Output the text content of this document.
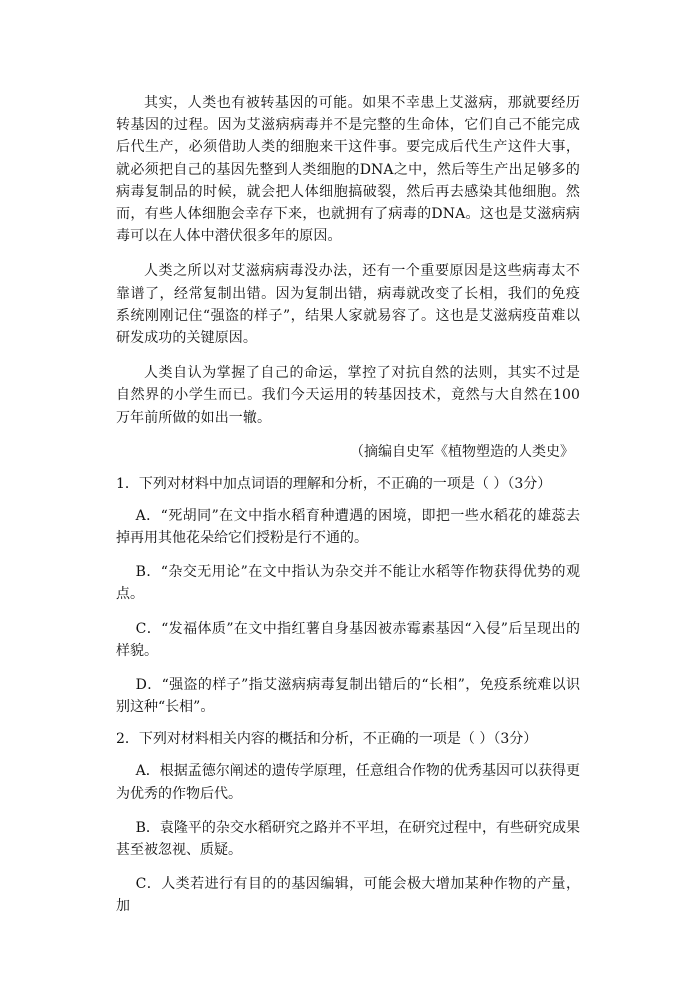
其实，人类也有被转基因的可能。如果不幸患上艾滋病，那就要经历转基因的过程。因为艾滋病病毒并不是完整的生命体，它们自己不能完成后代生产，必须借助人类的细胞来干这件事。要完成后代生产这件大事，就必须把自己的基因先整到人类细胞的DNA之中，然后等生产出足够多的病毒复制品的时候，就会把人体细胞搞破裂，然后再去感染其他细胞。然而，有些人体细胞会幸存下来，也就拥有了病毒的DNA。这也是艾滋病病毒可以在人体中潜伏很多年的原因。

人类之所以对艾滋病病毒没办法，还有一个重要原因是这些病毒太不靠谱了，经常复制出错。因为复制出错，病毒就改变了长相，我们的免疫系统刚刚记住“强盗的样子”，结果人家就易容了。这也是艾滋病疫苗难以研发成功的关键原因。

人类自认为掌握了自己的命运，掌控了对抗自然的法则，其实不过是自然界的小学生而已。我们今天运用的转基因技术，竟然与大自然在100万年前所做的如出一辙。

（摘编自史军《植物塑造的人类史》

1．下列对材料中加点词语的理解和分析，不正确的一项是（ ）（3分）

A．“死胡同”在文中指水稻育种遭遇的困境，即把一些水稻花的雄蕊去掉再用其他花朵给它们授粉是行不通的。

B．“杂交无用论”在文中指认为杂交并不能让水稻等作物获得优势的观点。

C．“发福体质”在文中指红薯自身基因被赤霉素基因“入侵”后呈现出的样貌。

D．“强盗的样子”指艾滋病病毒复制出错后的“长相”，免疫系统难以识别这种“长相”。

2．下列对材料相关内容的概括和分析，不正确的一项是（ ）（3分）

A．根据孟德尔阐述的遗传学原理，任意组合作物的优秀基因可以获得更为优秀的作物后代。

B．袁隆平的杂交水稻研究之路并不平坦，在研究过程中，有些研究成果甚至被忽视、质疑。

C．人类若进行有目的的基因编辑，可能会极大增加某种作物的产量，加
